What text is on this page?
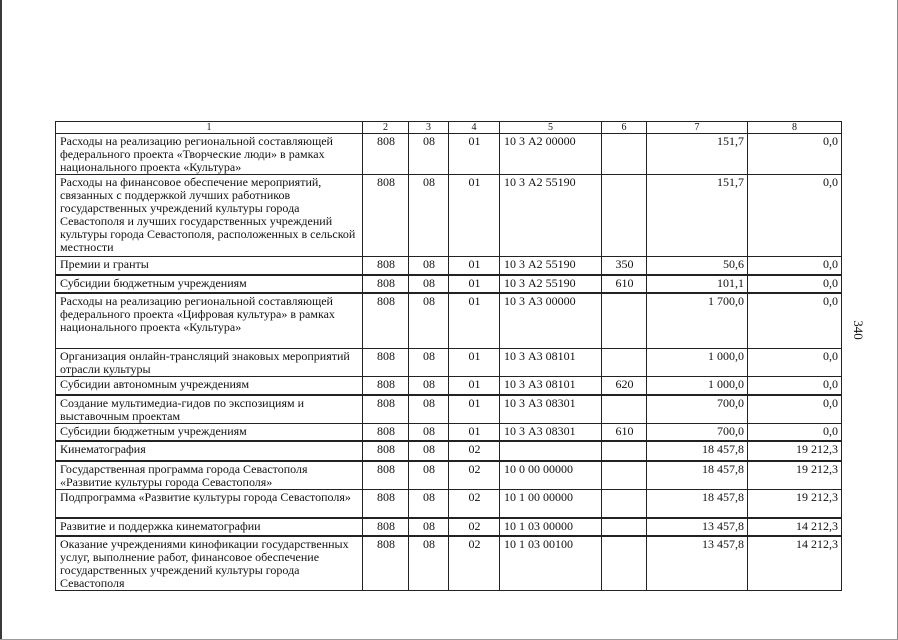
340
1	2	3	4	5	6	7	8
Расходы на реализацию региональной составляющей федерального проекта «Творческие люди» в рамках национального проекта «Культура»	808	08	01	10 3 А2 00000		151,7	0,0
Расходы на финансовое обеспечение мероприятий, связанных с поддержкой лучших работников государственных учреждений культуры города Севастополя и лучших государственных учреждений культуры города Севастополя, расположенных в сельской местности	808	08	01	10 3 А2 55190		151,7	0,0
Премии и гранты	808	08	01	10 3 А2 55190	350	50,6	0,0
Субсидии бюджетным учреждениям	808	08	01	10 3 А2 55190	610	101,1	0,0
Расходы на реализацию региональной составляющей федерального проекта «Цифровая культура» в рамках национального проекта «Культура»	808	08	01	10 3 А3 00000		1 700,0	0,0
Организация онлайн-трансляций знаковых мероприятий отрасли культуры	808	08	01	10 3 А3 08101		1 000,0	0,0
Субсидии автономным учреждениям	808	08	01	10 3 А3 08101	620	1 000,0	0,0
Создание мультимедиа-гидов по экспозициям и выставочным проектам	808	08	01	10 3 А3 08301		700,0	0,0
Субсидии бюджетным учреждениям	808	08	01	10 3 А3 08301	610	700,0	0,0
Кинематография	808	08	02			18 457,8	19 212,3
Государственная программа города Севастополя «Развитие культуры города Севастополя»	808	08	02	10 0 00 00000		18 457,8	19 212,3
Подпрограмма «Развитие культуры города Севастополя»	808	08	02	10 1 00 00000		18 457,8	19 212,3
Развитие и поддержка кинематографии	808	08	02	10 1 03 00000		13 457,8	14 212,3
Оказание учреждениями кинофикации государственных услуг, выполнение работ, финансовое обеспечение государственных учреждений культуры города Севастополя	808	08	02	10 1 03 00100		13 457,8	14 212,3
